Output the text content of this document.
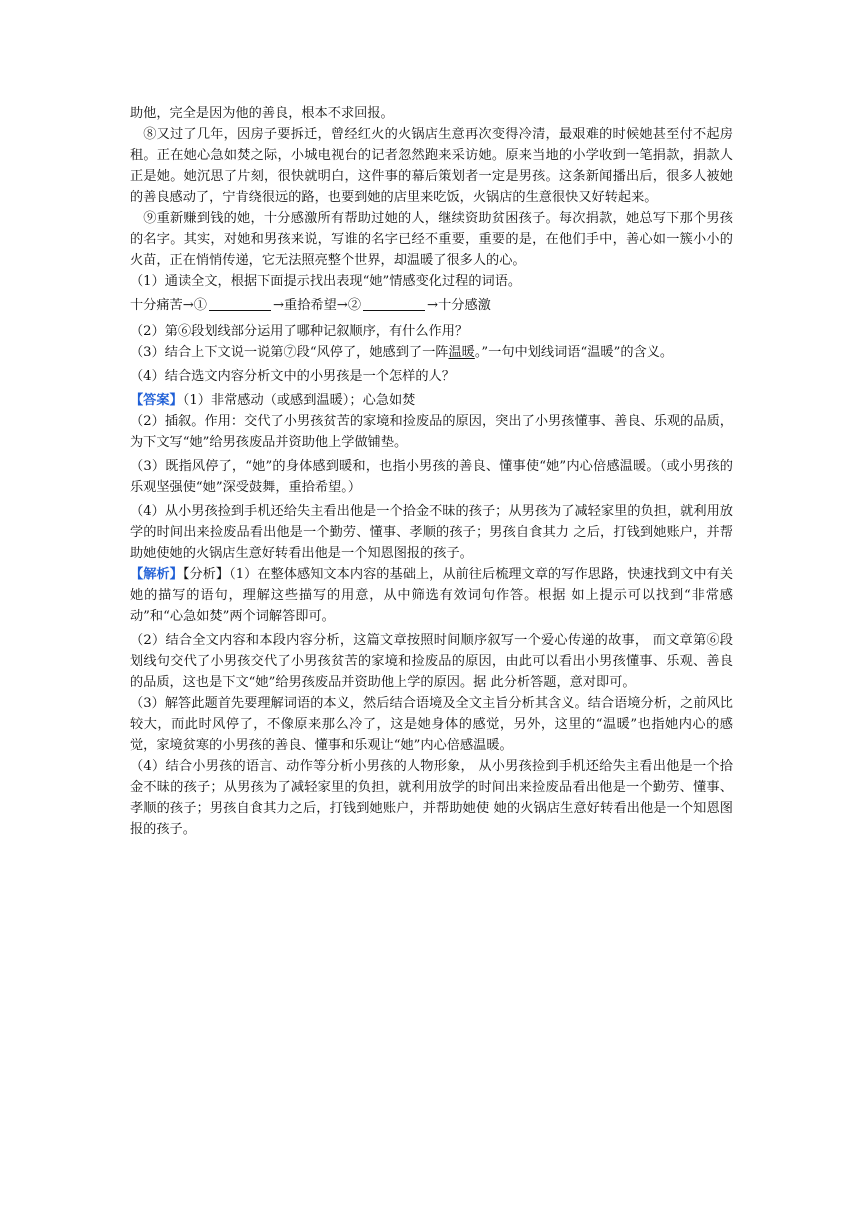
助他，完全是因为他的善良，根本不求回报。

⑧又过了几年，因房子要拆迁，曾经红火的火锅店生意再次变得冷清，最艰难的时候她甚至付不起房租。正在她心急如焚之际，小城电视台的记者忽然跑来采访她。原来当地的小学收到一笔捐款，捐款人正是她。她沉思了片刻，很快就明白，这件事的幕后策划者一定是男孩。这条新闻播出后，很多人被她的善良感动了，宁肯绕很远的路，也要到她的店里来吃饭，火锅店的生意很快又好转起来。

⑨重新赚到钱的她，十分感激所有帮助过她的人，继续资助贫困孩子。每次捐款，她总写下那个男孩的名字。其实，对她和男孩来说，写谁的名字已经不重要，重要的是，在他们手中，善心如一簇小小的火苗，正在悄悄传递，它无法照亮整个世界，却温暖了很多人的心。

（1）通读全文，根据下面提示找出表现“她”情感变化过程的词语。

十分痛苦→①	→重拾希望→②	→十分感激

（2）第⑥段划线部分运用了哪种记叙顺序，有什么作用？

（3）结合上下文说一说第⑦段“风停了，她感到了一阵温暖。”一句中划线词语“温暖”的含义。

（4）结合选文内容分析文中的小男孩是一个怎样的人？

【答案】（1）非常感动（或感到温暖）；心急如焚

（2）插叙。作用：交代了小男孩贫苦的家境和捡废品的原因，突出了小男孩懂事、善良、乐观的品质，为下文写“她”给男孩废品并资助他上学做铺垫。

（3）既指风停了，“她”的身体感到暖和，也指小男孩的善良、懂事使“她”内心倍感温暖。（或小男孩的乐观坚强使“她”深受鼓舞，重拾希望。）

（4）从小男孩捡到手机还给失主看出他是一个拾金不昧的孩子；从男孩为了减轻家里的负担，就利用放学的时间出来捡废品看出他是一个勤劳、懂事、孝顺的孩子；男孩自食其力 之后，打钱到她账户，并帮助她使她的火锅店生意好转看出他是一个知恩图报的孩子。

【解析】【分析】（1）在整体感知文本内容的基础上，从前往后梳理文章的写作思路，快速找到文中有关她的描写的语句，理解这些描写的用意，从中筛选有效词句作答。根据 如上提示可以找到“非常感动”和“心急如焚”两个词解答即可。

（2）结合全文内容和本段内容分析，这篇文章按照时间顺序叙写一个爱心传递的故事， 而文章第⑥段划线句交代了小男孩交代了小男孩贫苦的家境和捡废品的原因，由此可以看出小男孩懂事、乐观、善良的品质，这也是下文“她”给男孩废品并资助他上学的原因。据 此分析答题，意对即可。

（3）解答此题首先要理解词语的本义，然后结合语境及全文主旨分析其含义。结合语境分析，之前风比较大，而此时风停了，不像原来那么冷了，这是她身体的感觉，另外，这里的“温暖”也指她内心的感觉，家境贫寒的小男孩的善良、懂事和乐观让“她”内心倍感温暖。

（4）结合小男孩的语言、动作等分析小男孩的人物形象， 从小男孩捡到手机还给失主看出他是一个拾金不昧的孩子；从男孩为了减轻家里的负担，就利用放学的时间出来捡废品看出他是一个勤劳、懂事、孝顺的孩子；男孩自食其力之后，打钱到她账户，并帮助她使 她的火锅店生意好转看出他是一个知恩图报的孩子。
